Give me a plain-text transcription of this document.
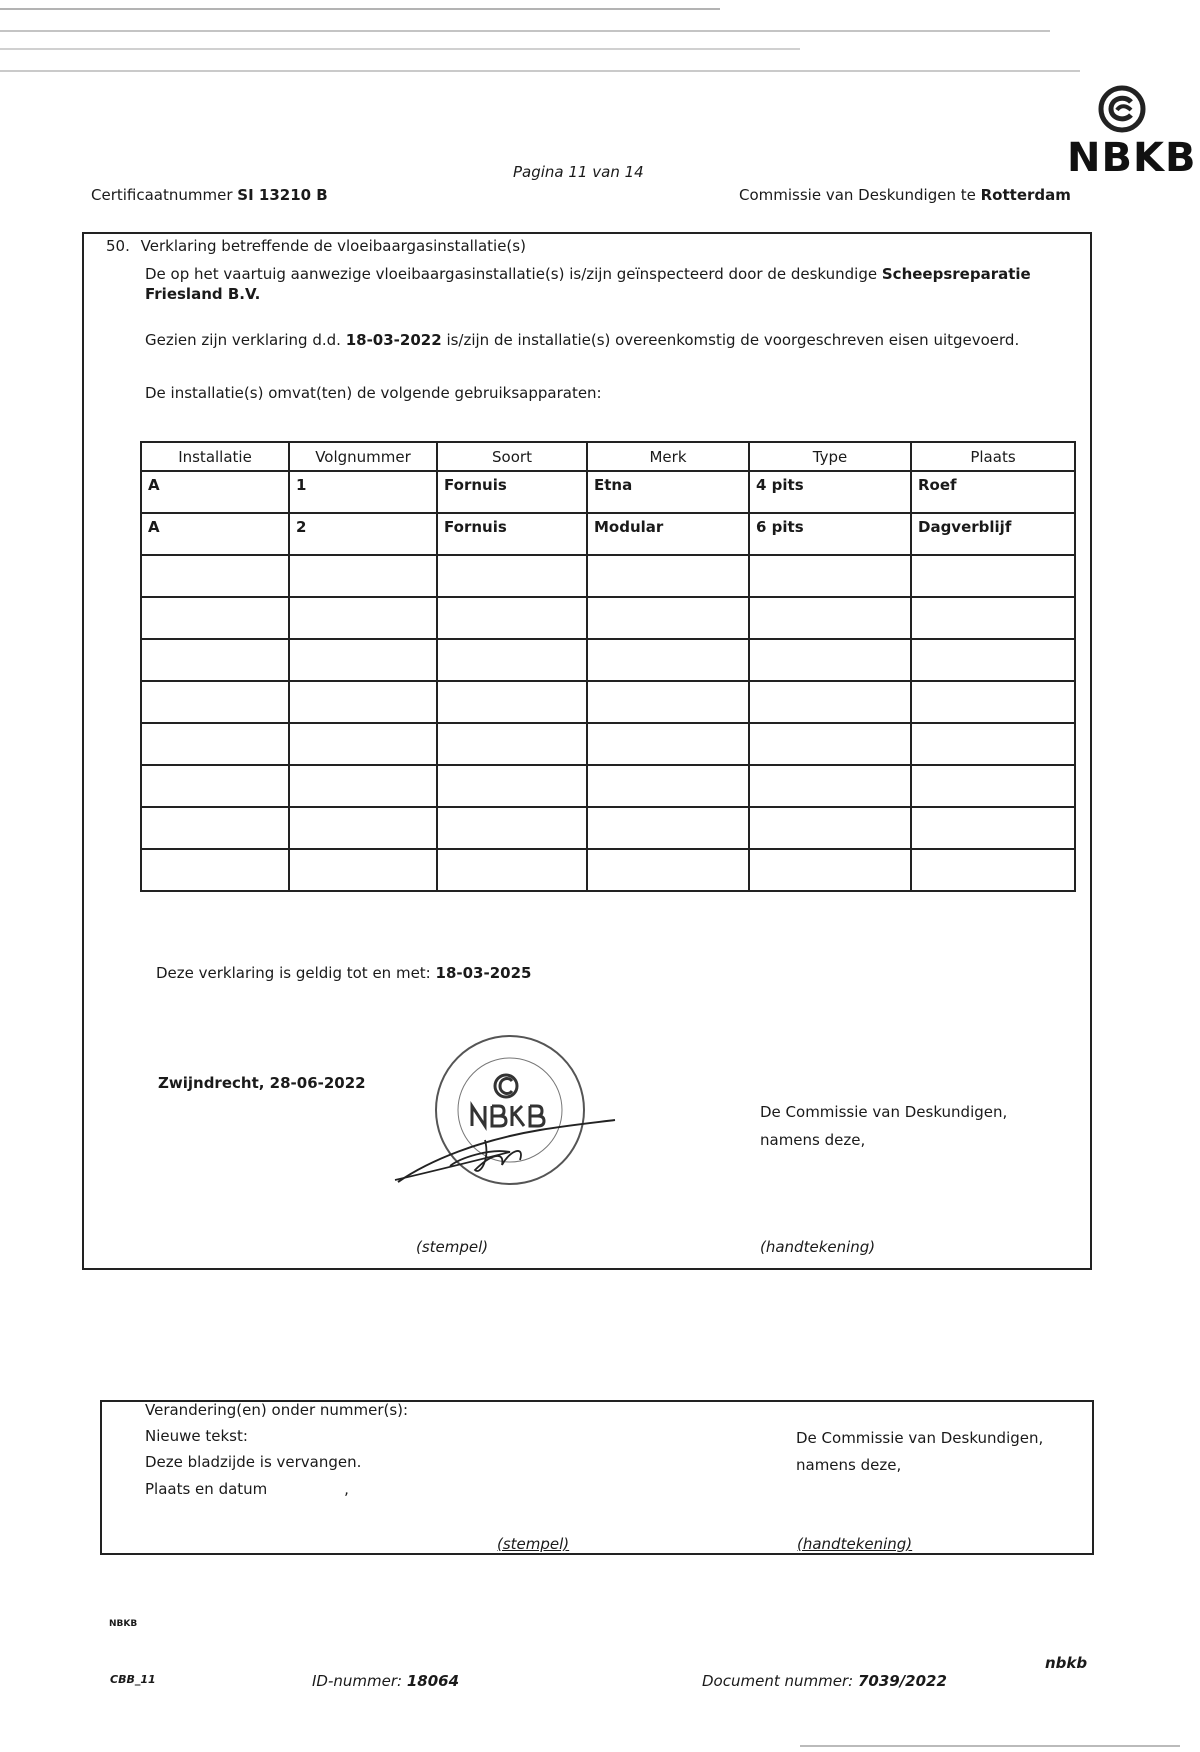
Pagina 11 van 14
Certificaatnummer SI 13210 B	Commissie van Deskundigen te Rotterdam
NBKB
50. Verklaring betreffende de vloeibaargasinstallatie(s)
De op het vaartuig aanwezige vloeibaargasinstallatie(s) is/zijn geïnspecteerd door de deskundige Scheepsreparatie
Friesland B.V.
Gezien zijn verklaring d.d. 18-03-2022 is/zijn de installatie(s) overeenkomstig de voorgeschreven eisen uitgevoerd.
De installatie(s) omvat(ten) de volgende gebruiksapparaten:
Installatie	Volgnummer	Soort	Merk	Type	Plaats
A	1	Fornuis	Etna	4 pits	Roef
A	2	Fornuis	Modular	6 pits	Dagverblijf

Deze verklaring is geldig tot en met: 18-03-2025
Zwijndrecht, 28-06-2022
De Commissie van Deskundigen,
namens deze,
(stempel)	(handtekening)
Verandering(en) onder nummer(s):
Nieuwe tekst:
Deze bladzijde is vervangen.
Plaats en datum	,
De Commissie van Deskundigen,
namens deze,
(stempel)	(handtekening)
NBKB
CBB_11	ID-nummer: 18064	Document nummer: 7039/2022
nbkb
